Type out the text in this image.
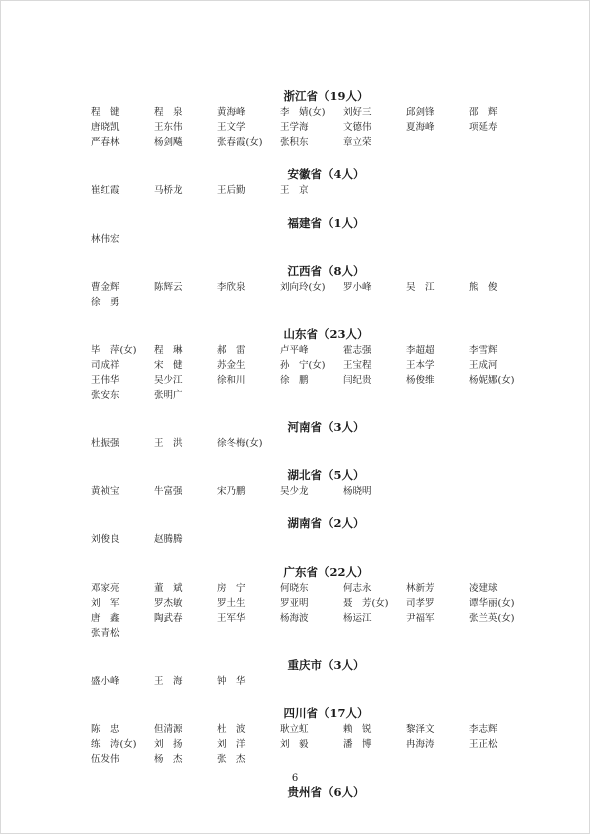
浙江省（19人）
程　键	程　泉	黄海峰	李　婧(女)	刘好三	邱剑锋	邵　辉
唐晓凯	王东伟	王文学	王学海	文德伟	夏海峰	项延寿
严春林	杨剑飚	张春霞(女)	张积东	章立荣
安徽省（4人）
崔红霞	马桥龙	王后勤	王　京
福建省（1人）
林伟宏
江西省（8人）
曹金辉	陈辉云	李欣泉	刘向玲(女)	罗小峰	吴　江	熊　俊
徐　勇
山东省（23人）
毕　萍(女)	程　琳	郝　雷	卢平峰	霍志强	李超超	李雪辉
司成祥	宋　健	苏金生	孙　宁(女)	王宝程	王本学	王成河
王伟华	吴少江	徐和川	徐　鹏	闫纪贵	杨俊维	杨妮娜(女)
张安东	张明广
河南省（3人）
杜振强	王　洪	徐冬梅(女)
湖北省（5人）
黄祯宝	牛富强	宋乃鹏	吴少龙	杨晓明
湖南省（2人）
刘俊良	赵腾腾
广东省（22人）
邓家亮	董　斌	房　宁	何晓东	何志永	林新芳	凌建球
刘　军	罗杰敏	罗土生	罗亚明	聂　芳(女)	司孝罗	谭华丽(女)
唐　鑫	陶武春	王军华	杨海波	杨运江	尹福军	张兰英(女)
张青松
重庆市（3人）
盛小峰	王　海	钟　华
四川省（17人）
陈　忠	但清源	杜　波	耿立虹	赖　锐	黎泽文	李志辉
练　涛(女)	刘　扬	刘　洋	刘　毅	潘　博	冉海涛	王正松
伍发伟	杨　杰	张　杰
贵州省（6人）
6
